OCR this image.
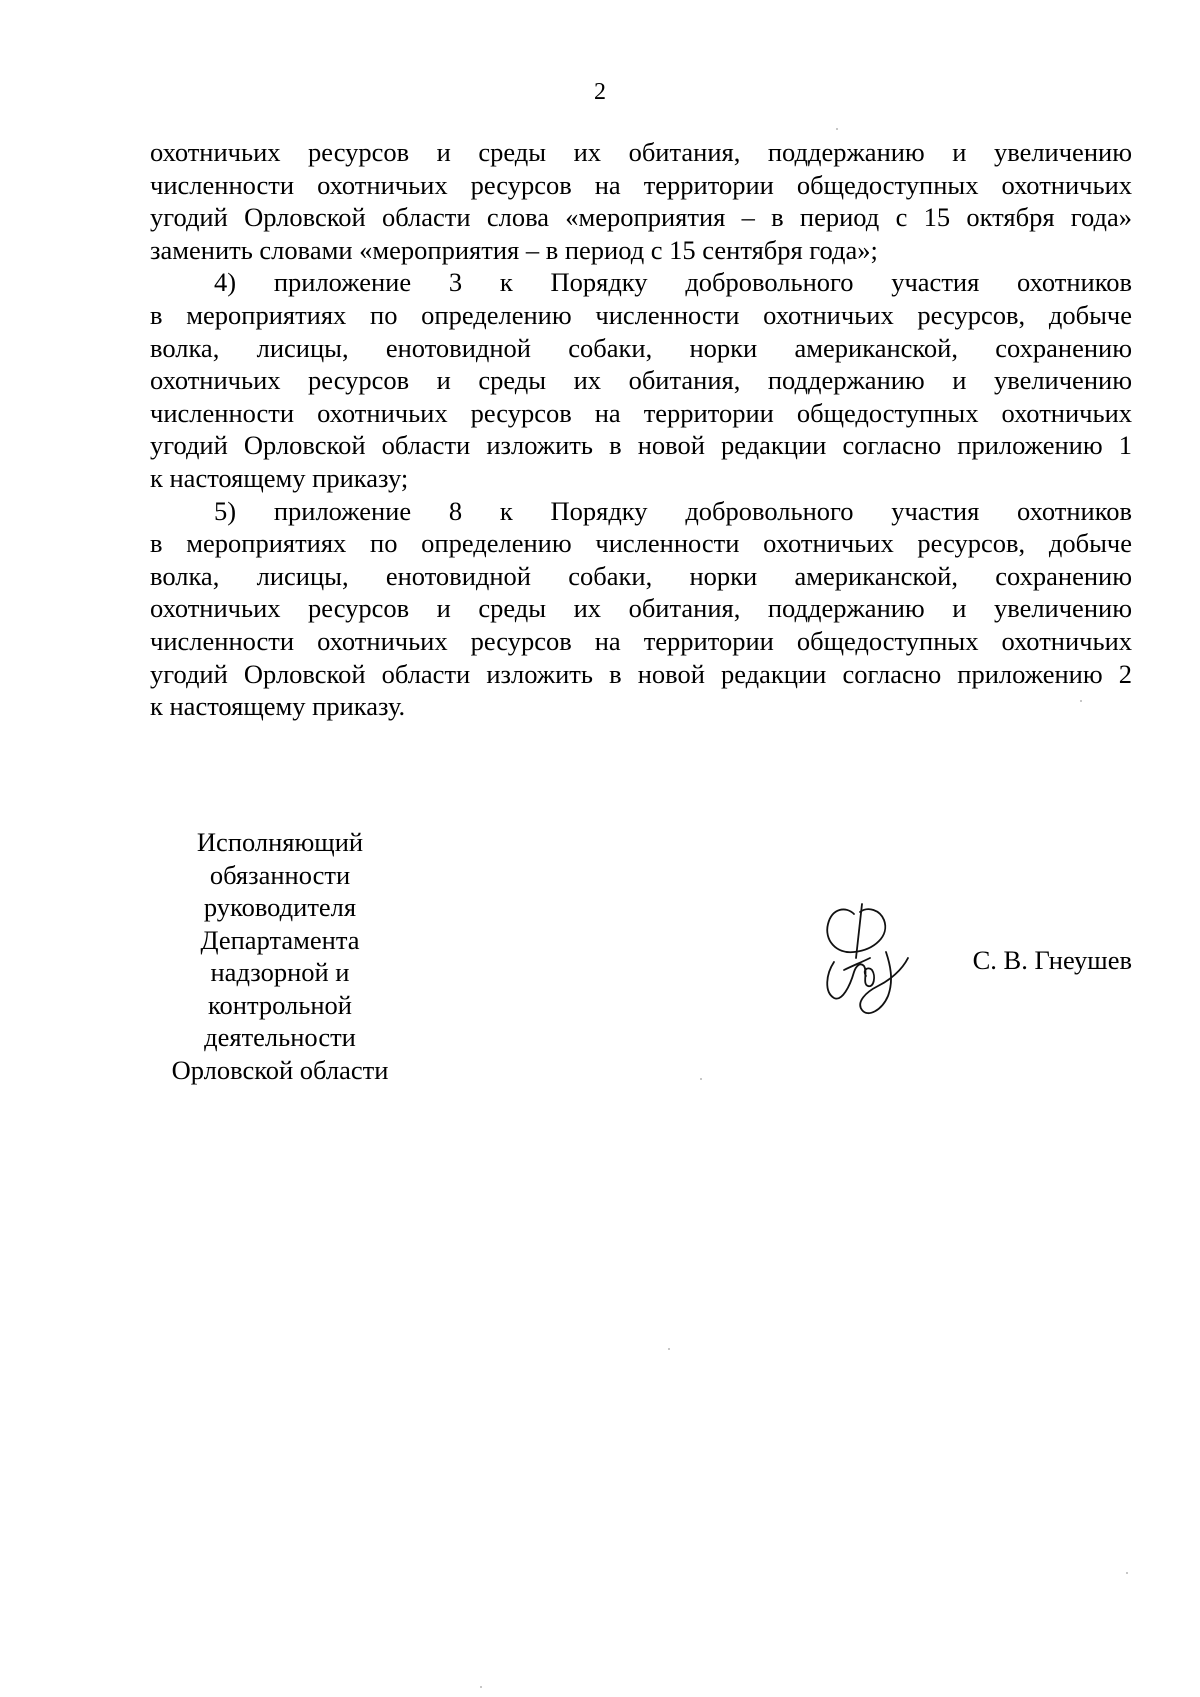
2
охотничьих ресурсов и среды их обитания, поддержанию и увеличению
численности охотничьих ресурсов на территории общедоступных охотничьих
угодий Орловской области слова «мероприятия – в период с 15 октября года»
заменить словами «мероприятия – в период с 15 сентября года»;
4) приложение 3 к Порядку добровольного участия охотников
в мероприятиях по определению численности охотничьих ресурсов, добыче
волка, лисицы, енотовидной собаки, норки американской, сохранению
охотничьих ресурсов и среды их обитания, поддержанию и увеличению
численности охотничьих ресурсов на территории общедоступных охотничьих
угодий Орловской области изложить в новой редакции согласно приложению 1
к настоящему приказу;
5) приложение 8 к Порядку добровольного участия охотников
в мероприятиях по определению численности охотничьих ресурсов, добыче
волка, лисицы, енотовидной собаки, норки американской, сохранению
охотничьих ресурсов и среды их обитания, поддержанию и увеличению
численности охотничьих ресурсов на территории общедоступных охотничьих
угодий Орловской области изложить в новой редакции согласно приложению 2
к настоящему приказу.
Исполняющий
обязанности
руководителя
Департамента
надзорной и
контрольной
деятельности
Орловской области
С. В. Гнеушев
